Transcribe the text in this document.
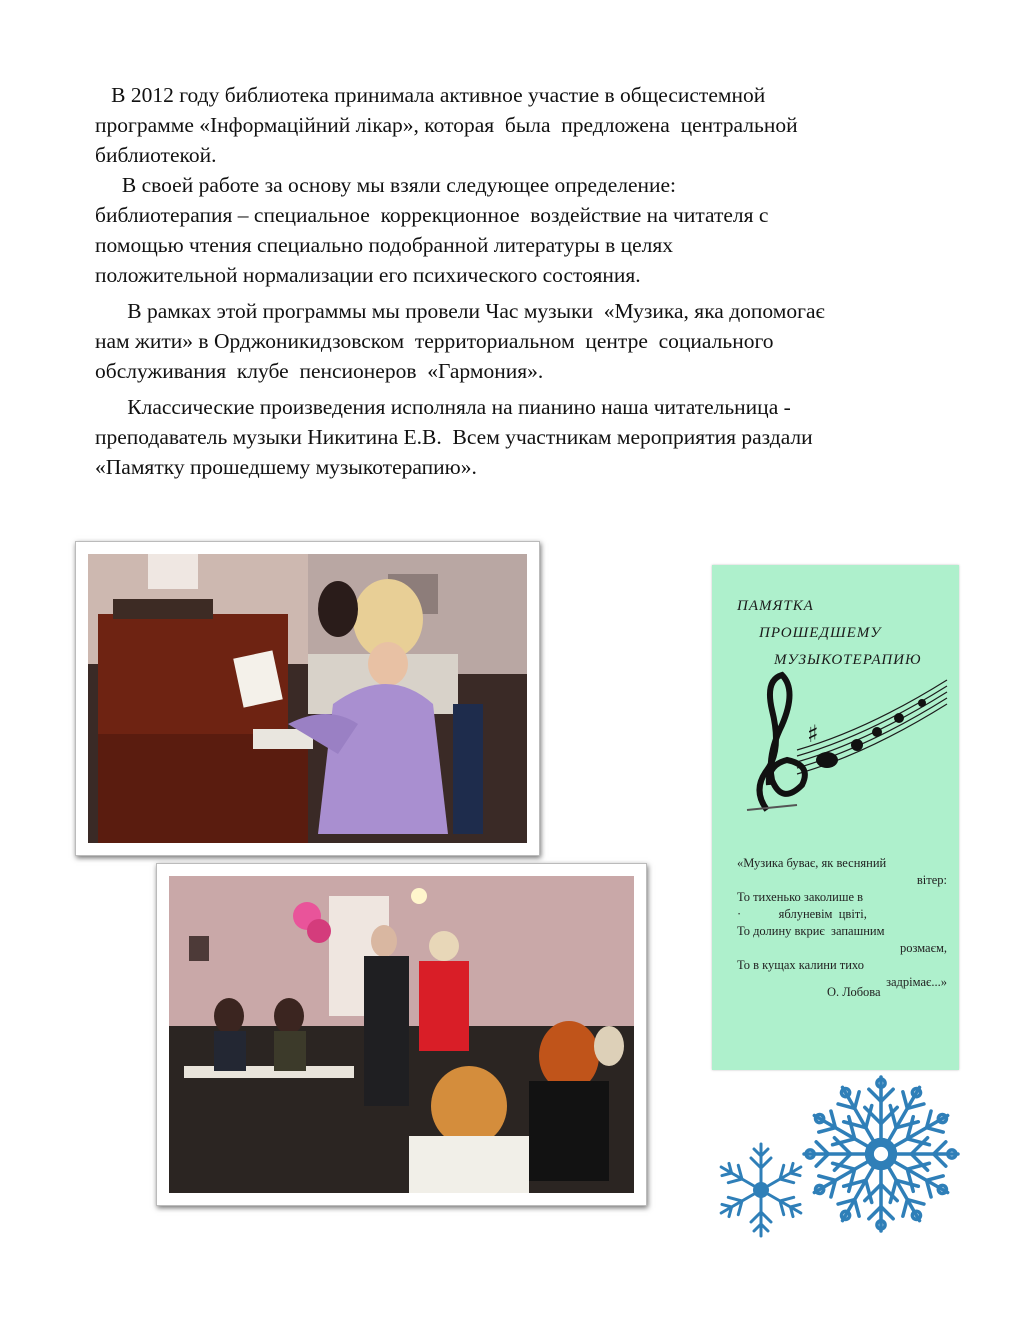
В 2012 году библиотека принимала активное участие в общесистемной
программе «Інформаційний лікар», которая  была  предложена  центральной
библиотекой.

В своей работе за основу мы взяли следующее определение:
библиотерапия – специальное  коррекционное  воздействие на читателя с
помощью чтения специально подобранной литературы в целях
положительной нормализации его психического состояния.

В рамках этой программы мы провели Час музыки  «Музика, яка допомогає
нам жити» в Орджоникидзовском  территориальном  центре  социального
обслуживания  клубе  пенсионеров  «Гармония».

Классические произведения исполняла на пианино наша читательница -
преподаватель музыки Никитина Е.В.  Всем участникам мероприятия раздали
«Памятку прошедшему музыкотерапию».

ПАМЯТКА
ПРОШЕДШЕМУ
МУЗЫКОТЕРАПИЮ
♯
«Музика буває, як весняний
вітер:
То тихенько заколише в
·            яблуневім  цвіті,
То долину вкриє  запашним
розмаєм,
То в кущах калини тихо
задрімає...»
О. Лобова
